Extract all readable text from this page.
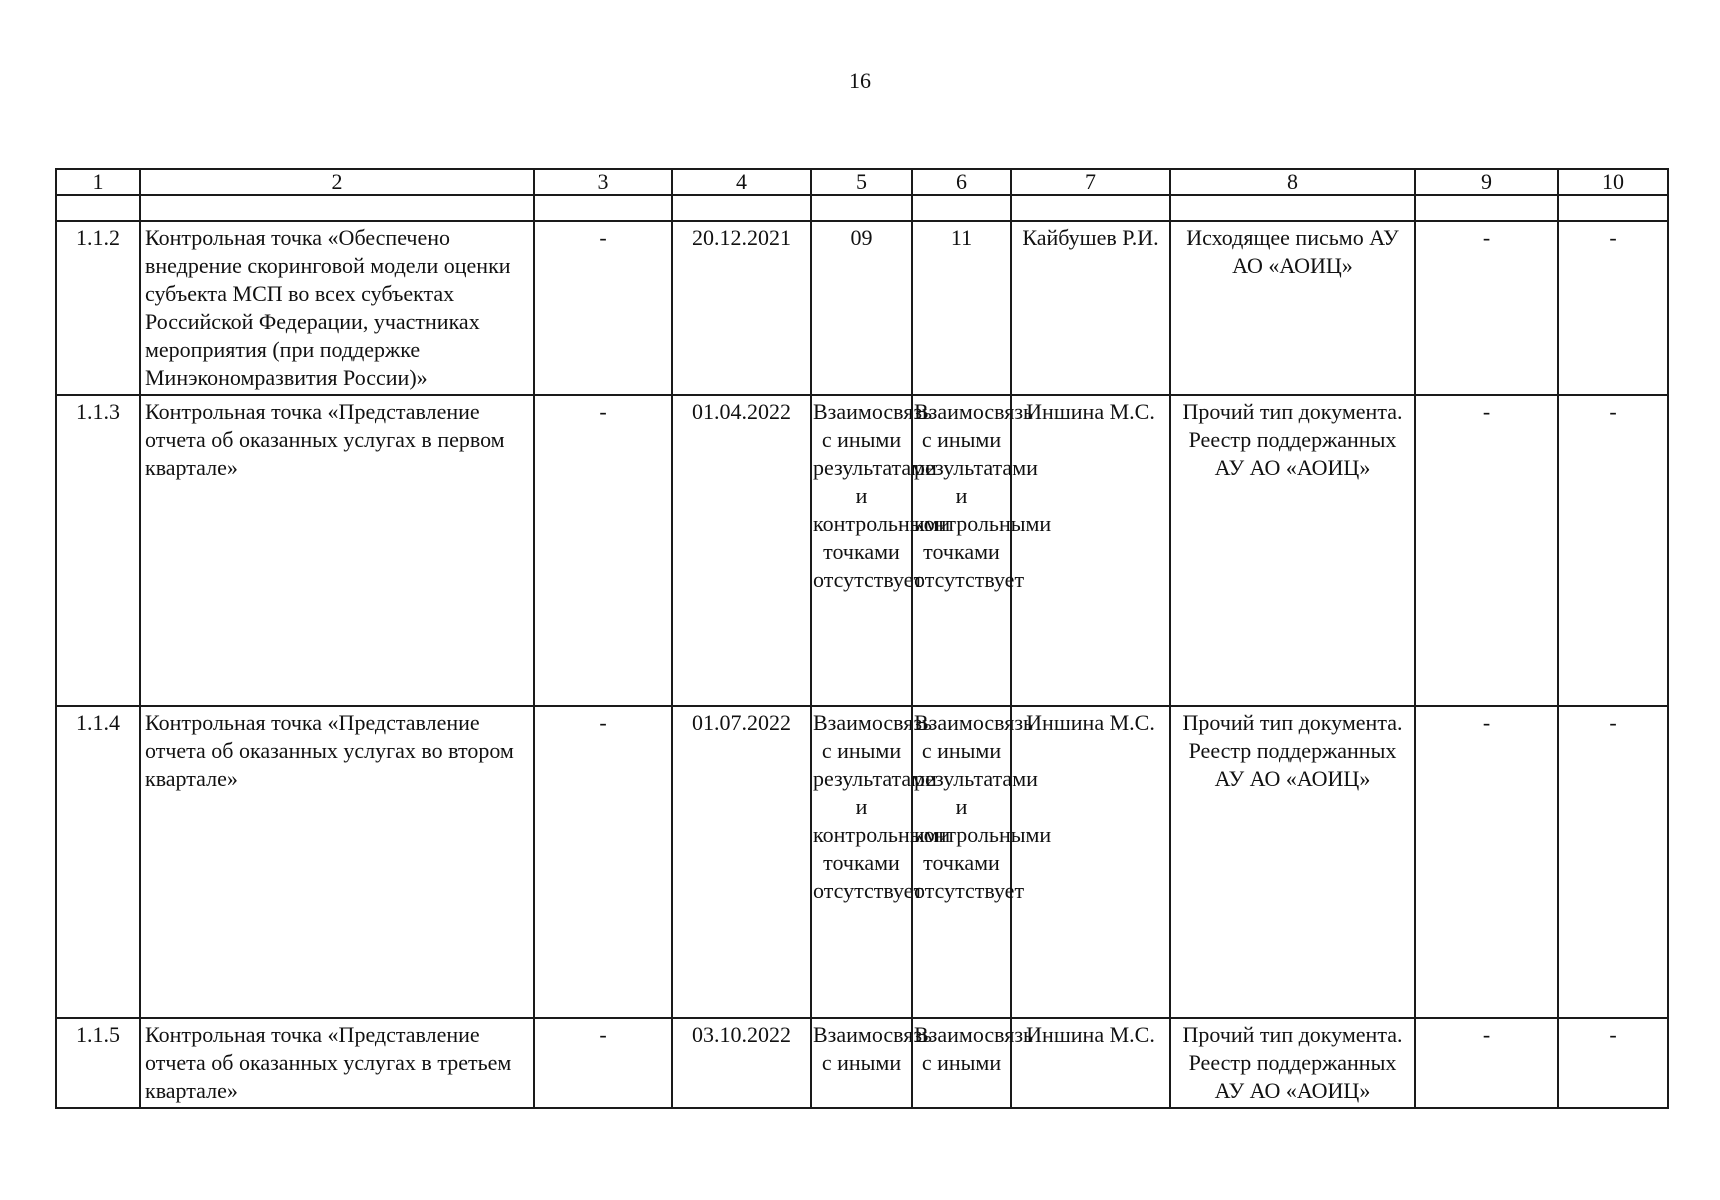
16
1	2	3	4	5	6	7	8	9	10

1.1.2	Контрольная точка «Обеспечено внедрение скоринговой модели оценки субъекта МСП во всех субъектах Российской Федерации, участниках мероприятия (при поддержке Минэкономразвития России)»	-	20.12.2021	09	11	Кайбушев Р.И.	Исходящее письмо АУ АО «АОИЦ»	-	-
1.1.3	Контрольная точка «Представление отчета об оказанных услугах в первом квартале»	-	01.04.2022	Взаимосвязь с иными результатами и контрольными точками отсутствует	Взаимосвязь с иными результатами и контрольными точками отсутствует	Иншина М.С.	Прочий тип документа. Реестр поддержанных АУ АО «АОИЦ»	-	-
1.1.4	Контрольная точка «Представление отчета об оказанных услугах во втором квартале»	-	01.07.2022	Взаимосвязь с иными результатами и контрольными точками отсутствует	Взаимосвязь с иными результатами и контрольными точками отсутствует	Иншина М.С.	Прочий тип документа. Реестр поддержанных АУ АО «АОИЦ»	-	-
1.1.5	Контрольная точка «Представление отчета об оказанных услугах в третьем квартале»	-	03.10.2022	Взаимосвязь с иными	Взаимосвязь с иными	Иншина М.С.	Прочий тип документа. Реестр поддержанных АУ АО «АОИЦ»	-	-
